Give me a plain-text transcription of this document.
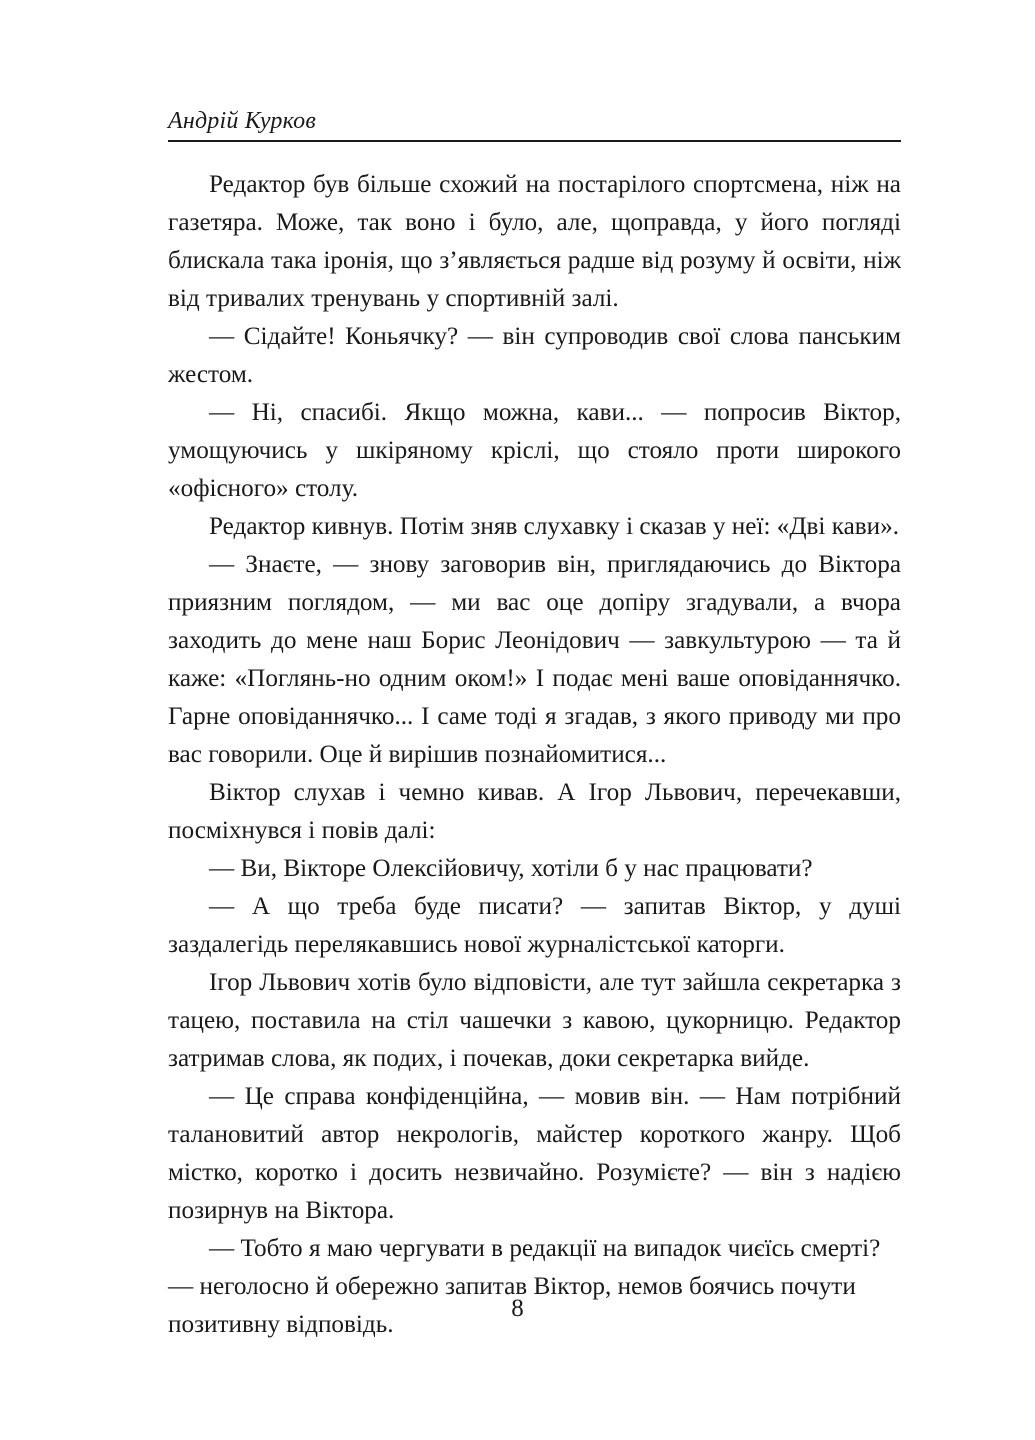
Андрій Курков

Редактор був більше схожий на постарілого спортсмена, ніж на газетяра. Може, так воно і було, але, щоправда, у його погляді блискала така іронія, що з’являється радше від розуму й освіти, ніж від тривалих тренувань у спортивній залі.

— Сідайте! Коньячку? — він супроводив свої слова панським жестом.

— Ні, спасибі. Якщо можна, кави... — попросив Віктор, умощуючись у шкіряному кріслі, що стояло проти широкого «офісного» столу.

Редактор кивнув. Потім зняв слухавку і сказав у неї: «Дві кави».

— Знаєте, — знову заговорив він, приглядаючись до Віктора приязним поглядом, — ми вас оце допіру згадували, а вчора заходить до мене наш Борис Леонідович — завкультурою — та й каже: «Поглянь-но одним оком!» І подає мені ваше оповіданнячко. Гарне оповіданнячко... І саме тоді я згадав, з якого приводу ми про вас говорили. Оце й вирішив познайомитися...

Віктор слухав і чемно кивав. А Ігор Львович, перечекавши, посміхнувся і повів далі:

— Ви, Вікторе Олексійовичу, хотіли б у нас працювати?

— А що треба буде писати? — запитав Віктор, у душі заздалегідь перелякавшись нової журналістської каторги.

Ігор Львович хотів було відповісти, але тут зайшла секретарка з тацею, поставила на стіл чашечки з кавою, цукорницю. Редактор затримав слова, як подих, і почекав, доки секретарка вийде.

— Це справа конфіденційна, — мовив він. — Нам потрібний талановитий автор некрологів, майстер короткого жанру. Щоб містко, коротко і досить незвичайно. Розумієте? — він з надією позирнув на Віктора.

— Тобто я маю чергувати в редакції на випадок чиєїсь смерті? — неголосно й обережно запитав Віктор, немов боячись почути позитивну відповідь.

8
